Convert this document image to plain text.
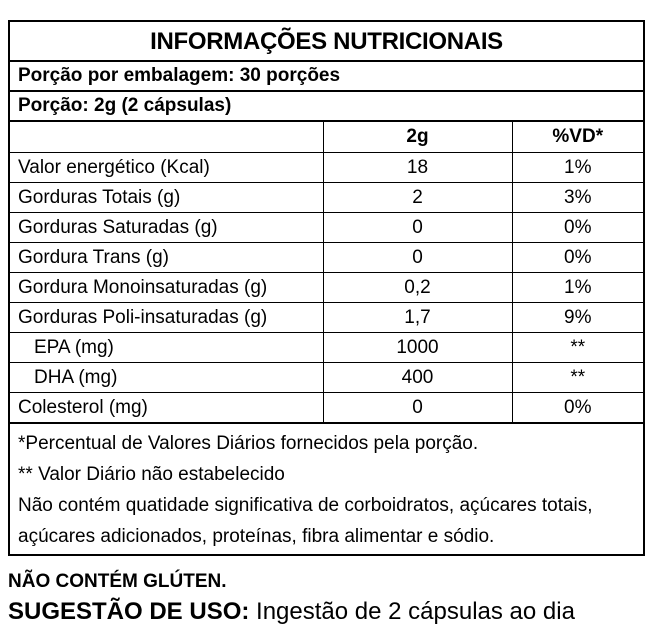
INFORMAÇÕES NUTRICIONAIS
Porção por embalagem: 30 porções
Porção: 2g (2 cápsulas)
	2g	%VD*
Valor energético (Kcal)	18	1%
Gorduras Totais (g)	2	3%
Gorduras Saturadas (g)	0	0%
Gordura Trans (g)	0	0%
Gordura Monoinsaturadas (g)	0,2	1%
Gorduras Poli-insaturadas (g)	1,7	9%
EPA (mg)	1000	**
DHA (mg)	400	**
Colesterol (mg)	0	0%
*Percentual de Valores Diários fornecidos pela porção.
** Valor Diário não estabelecido
Não contém quatidade significativa de corboidratos, açúcares totais, açúcares adicionados, proteínas, fibra alimentar e sódio.
NÃO CONTÉM GLÚTEN.
SUGESTÃO DE USO: Ingestão de 2 cápsulas ao dia
